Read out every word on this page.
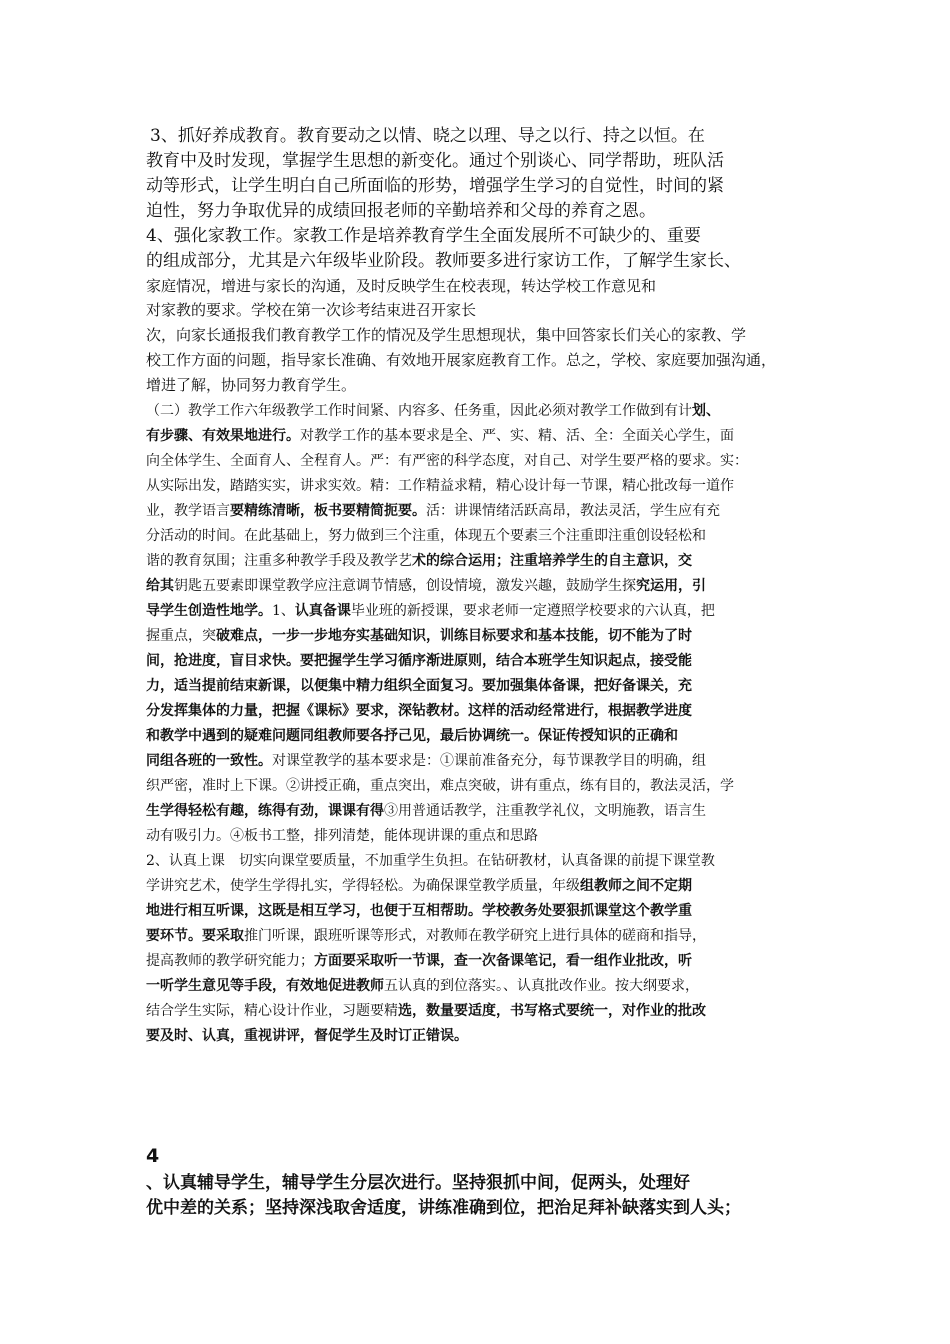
3、抓好养成教育。教育要动之以情、晓之以理、导之以行、持之以恒。在
教育中及时发现，掌握学生思想的新变化。通过个别谈心、同学帮助，班队活
动等形式，让学生明白自己所面临的形势，增强学生学习的自觉性，时间的紧
迫性，努力争取优异的成绩回报老师的辛勤培养和父母的养育之恩。
4、强化家教工作。家教工作是培养教育学生全面发展所不可缺少的、重要
的组成部分，尤其是六年级毕业阶段。教师要多进行家访工作，了解学生家长、
家庭情况，增进与家长的沟通，及时反映学生在校表现，转达学校工作意见和
对家教的要求。学校在第一次诊考结束进召开家长
次，向家长通报我们教育教学工作的情况及学生思想现状，集中回答家长们关心的家教、学
校工作方面的问题，指导家长准确、有效地开展家庭教育工作。总之，学校、家庭要加强沟通，
增进了解，协同努力教育学生。
（二）教学工作六年级教学工作时间紧、内容多、任务重，因此必须对教学工作做到有计划、
有步骤、有效果地进行。对教学工作的基本要求是全、严、实、精、活、全：全面关心学生，面
向全体学生、全面育人、全程育人。严：有严密的科学态度，对自己、对学生要严格的要求。实：
从实际出发，踏踏实实，讲求实效。精：工作精益求精，精心设计每一节课，精心批改每一道作
业，教学语言要精练清晰，板书要精简扼要。活：讲课情绪活跃高昂，教法灵活，学生应有充
分活动的时间。在此基础上，努力做到三个注重，体现五个要素三个注重即注重创设轻松和
谐的教育氛围；注重多种教学手段及教学艺术的综合运用；注重培养学生的自主意识，交
给其钥匙五要素即课堂教学应注意调节情感，创设情境，激发兴趣，鼓励学生探究运用，引
导学生创造性地学。1、认真备课毕业班的新授课，要求老师一定遵照学校要求的六认真，把
握重点，突破难点，一步一步地夯实基础知识，训练目标要求和基本技能，切不能为了时
间，抢进度，盲目求快。要把握学生学习循序渐进原则，结合本班学生知识起点，接受能
力，适当提前结束新课，以便集中精力组织全面复习。要加强集体备课，把好备课关，充
分发挥集体的力量，把握《课标》要求，深钻教材。这样的活动经常进行，根据教学进度
和教学中遇到的疑难问题同组教师要各抒己见，最后协调统一。保证传授知识的正确和
同组各班的一致性。对课堂教学的基本要求是：①课前准备充分，每节课教学目的明确，组
织严密，准时上下课。②讲授正确，重点突出，难点突破，讲有重点，练有目的，教法灵活，学
生学得轻松有趣，练得有劲，课课有得③用普通话教学，注重教学礼仪，文明施教，语言生
动有吸引力。④板书工整，排列清楚，能体现讲课的重点和思路
2、认真上课　切实向课堂要质量，不加重学生负担。在钻研教材，认真备课的前提下课堂教
学讲究艺术，使学生学得扎实，学得轻松。为确保课堂教学质量，年级组教师之间不定期
地进行相互听课，这既是相互学习，也便于互相帮助。学校教务处要狠抓课堂这个教学重
要环节。要采取推门听课，跟班听课等形式，对教师在教学研究上进行具体的磋商和指导，
提高教师的教学研究能力；方面要采取听一节课，查一次备课笔记，看一组作业批改，听
一听学生意见等手段，有效地促进教师五认真的到位落实。、认真批改作业。按大纲要求，
结合学生实际，精心设计作业，习题要精选，数量要适度，书写格式要统一，对作业的批改
要及时、认真，重视讲评，督促学生及时订正错误。
4
、认真辅导学生，辅导学生分层次进行。坚持狠抓中间，促两头，处理好
优中差的关系；坚持深浅取舍适度，讲练准确到位，把治足拜补缺落实到人头；
